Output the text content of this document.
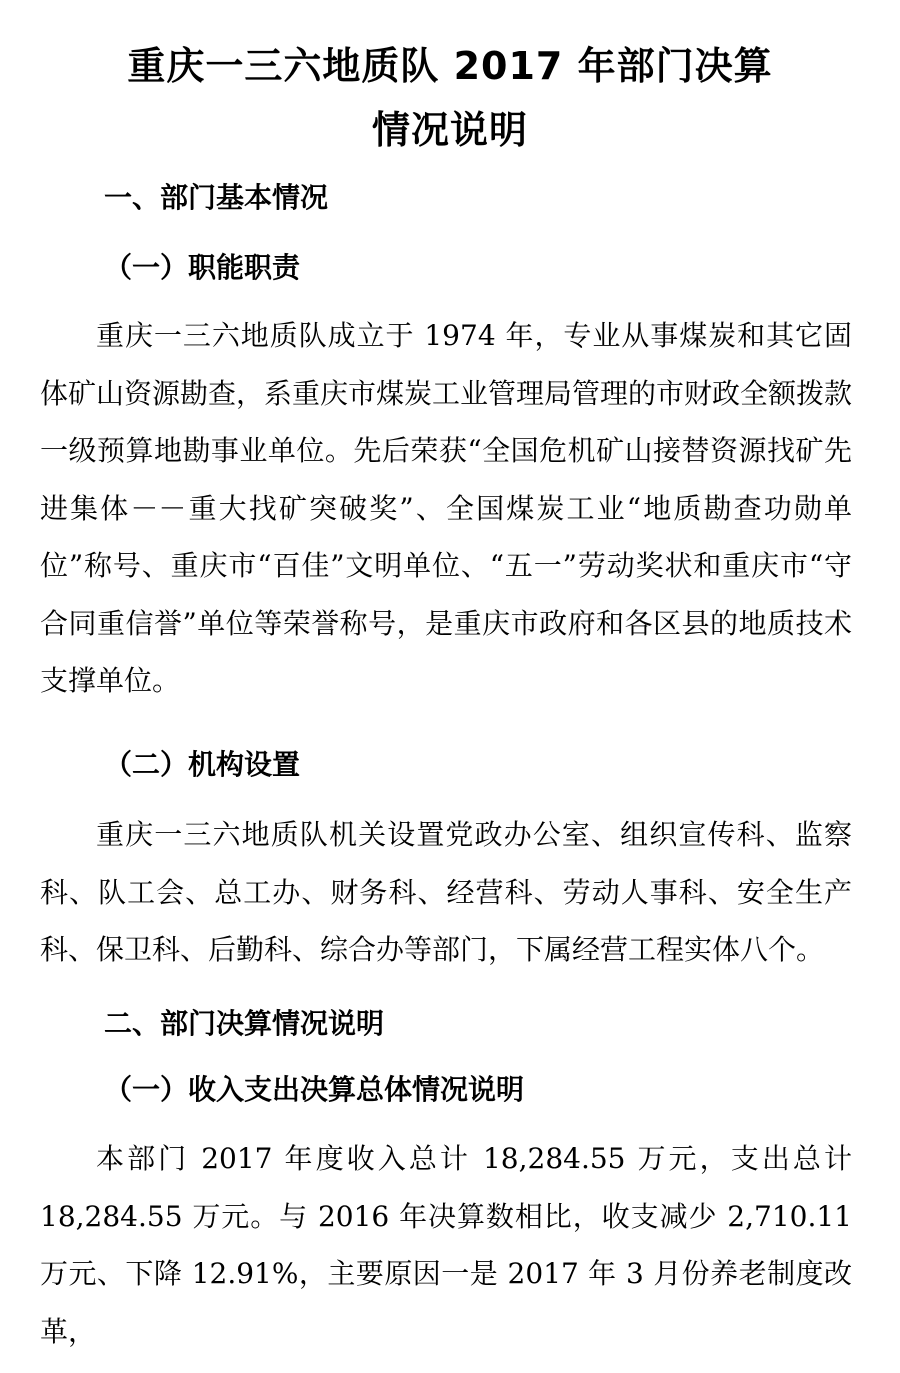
重庆一三六地质队 2017 年部门决算
情况说明
一、部门基本情况
（一）职能职责

重庆一三六地质队成立于 1974 年，专业从事煤炭和其它固体矿山资源勘查，系重庆市煤炭工业管理局管理的市财政全额拨款一级预算地勘事业单位。先后荣获“全国危机矿山接替资源找矿先进集体－－重大找矿突破奖”、全国煤炭工业“地质勘查功勋单位”称号、重庆市“百佳”文明单位、“五一”劳动奖状和重庆市“守合同重信誉”单位等荣誉称号，是重庆市政府和各区县的地质技术支撑单位。

（二）机构设置

重庆一三六地质队机关设置党政办公室、组织宣传科、监察科、队工会、总工办、财务科、经营科、劳动人事科、安全生产科、保卫科、后勤科、综合办等部门，下属经营工程实体八个。

二、部门决算情况说明
（一）收入支出决算总体情况说明

本部门 2017 年度收入总计 18,284.55 万元，支出总计 18,284.55 万元。与 2016 年决算数相比，收支减少 2,710.11 万元、下降 12.91%，主要原因一是 2017 年 3 月份养老制度改革，
